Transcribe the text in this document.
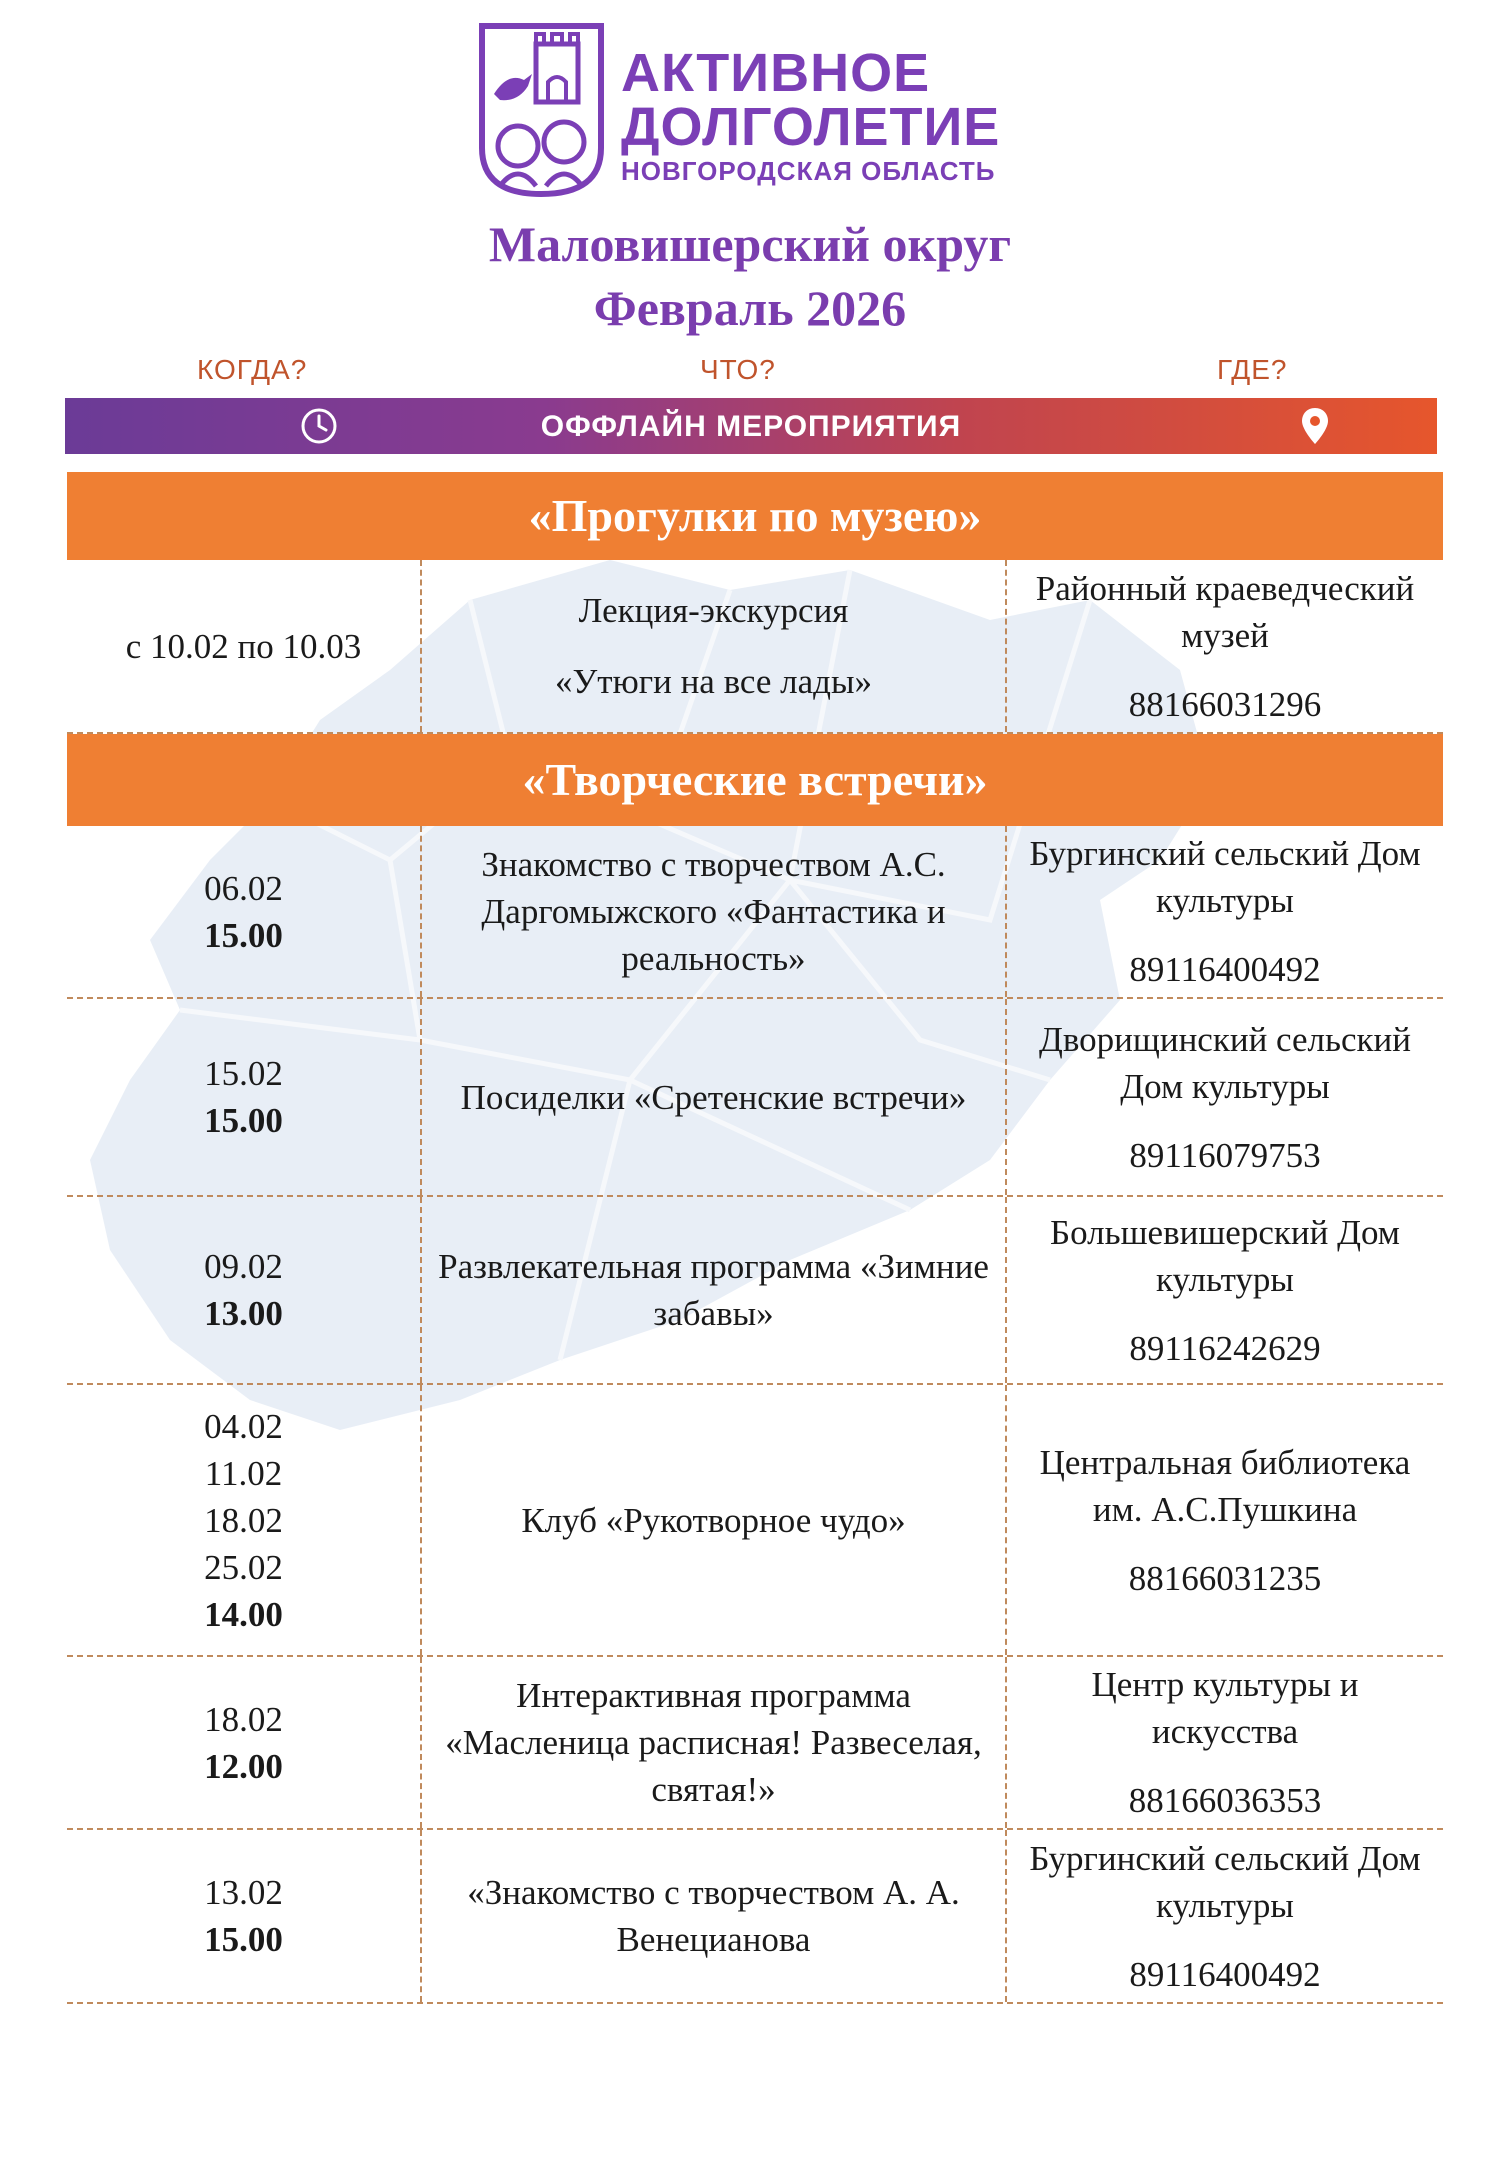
АКТИВНОЕ
ДОЛГОЛЕТИЕ
НОВГОРОДСКАЯ ОБЛАСТЬ
Маловишерский округ
Февраль 2026
КОГДА?	ЧТО?	ГДЕ?
ОФФЛАЙН МЕРОПРИЯТИЯ
«Прогулки по музею»
с 10.02 по 10.03
Лекция-экскурсия
«Утюги на все лады»
Районный краеведческий музей
88166031296
«Творческие встречи»
06.02
15.00
Знакомство с творчеством А.С. Даргомыжского «Фантастика и реальность»
Бургинский сельский Дом культуры
89116400492
15.02
15.00
Посиделки «Сретенские встречи»
Дворищинский сельский Дом культуры
89116079753
09.02
13.00
Развлекательная программа «Зимние забавы»
Большевишерский Дом культуры
89116242629
04.02
11.02
18.02
25.02
14.00
Клуб «Рукотворное чудо»
Центральная библиотека им. А.С.Пушкина
88166031235
18.02
12.00
Интерактивная программа «Масленица расписная! Развеселая, святая!»
Центр культуры и искусства
88166036353
13.02
15.00
«Знакомство с творчеством А. А. Венецианова
Бургинский сельский Дом культуры
89116400492
